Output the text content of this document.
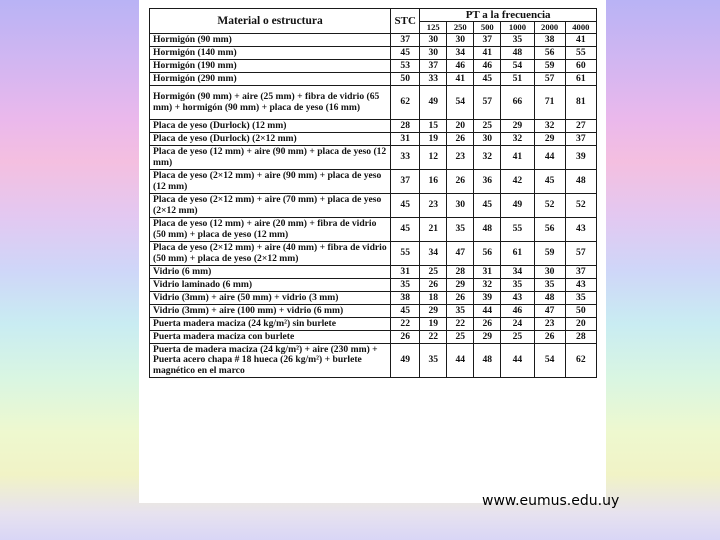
Material o estructura	STC	PT a la frecuencia					
		125	250	500	1000	2000	4000
Hormigón (90 mm)	37	30	30	37	35	38	41
Hormigón (140 mm)	45	30	34	41	48	56	55
Hormigón (190 mm)	53	37	46	46	54	59	60
Hormigón (290 mm)	50	33	41	45	51	57	61
Hormigón (90 mm) + aire (25 mm) + fibra de vidrio (65 mm) + hormigón (90 mm) + placa de yeso (16 mm)	62	49	54	57	66	71	81
Placa de yeso (Durlock) (12 mm)	28	15	20	25	29	32	27
Placa de yeso (Durlock) (2×12 mm)	31	19	26	30	32	29	37
Placa de yeso (12 mm) + aire (90 mm) + placa de yeso (12 mm)	33	12	23	32	41	44	39
Placa de yeso (2×12 mm) + aire (90 mm) + placa de yeso (12 mm)	37	16	26	36	42	45	48
Placa de yeso (2×12 mm) + aire (70 mm) + placa de yeso (2×12 mm)	45	23	30	45	49	52	52
Placa de yeso (12 mm) + aire (20 mm) + fibra de vidrio (50 mm) + placa de yeso (12 mm)	45	21	35	48	55	56	43
Placa de yeso (2×12 mm) + aire (40 mm) + fibra de vidrio (50 mm) + placa de yeso (2×12 mm)	55	34	47	56	61	59	57
Vidrio (6 mm)	31	25	28	31	34	30	37
Vidrio laminado (6 mm)	35	26	29	32	35	35	43
Vidrio (3mm) + aire (50 mm) + vidrio (3 mm)	38	18	26	39	43	48	35
Vidrio (3mm) + aire (100 mm) + vidrio (6 mm)	45	29	35	44	46	47	50
Puerta madera maciza (24 kg/m²) sin burlete	22	19	22	26	24	23	20
Puerta madera maciza con burlete	26	22	25	29	25	26	28
Puerta de madera maciza (24 kg/m²) + aire (230 mm) + Puerta acero chapa # 18 hueca (26 kg/m²) + burlete magnético en el marco	49	35	44	48	44	54	62
www.eumus.edu.uy
